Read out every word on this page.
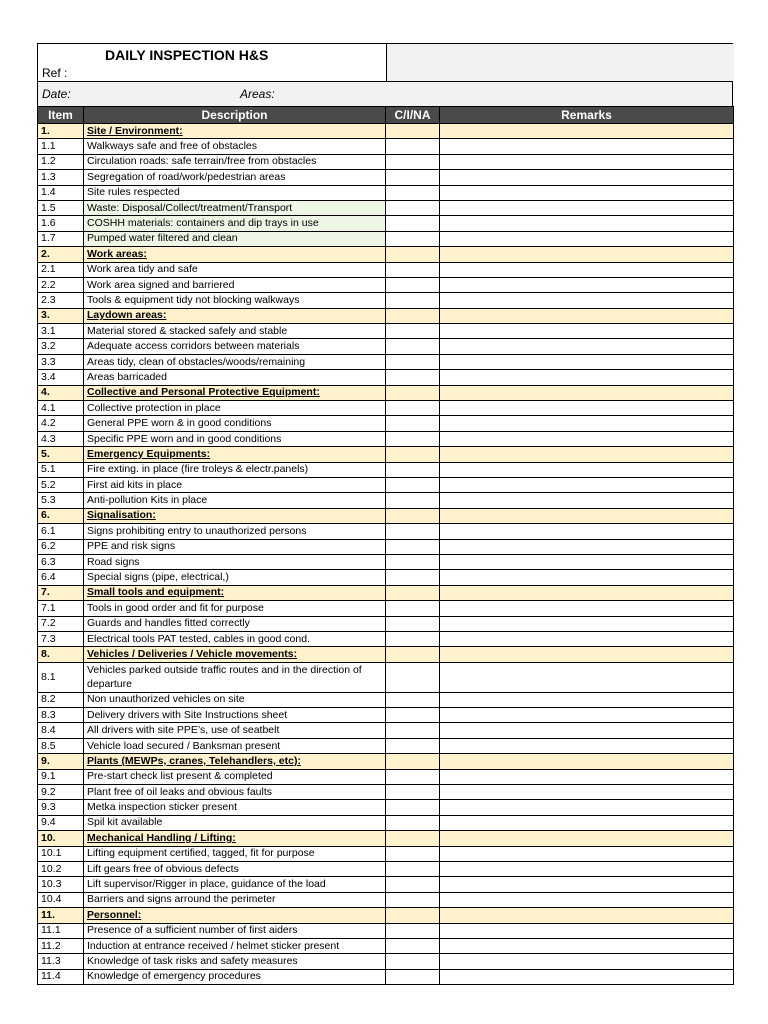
DAILY INSPECTION H&S
Ref :
Date:	Areas:
Item	Description	C/I/NA	Remarks
1.	Site / Environment:		
1.1	Walkways safe and free of obstacles		
1.2	Circulation roads: safe terrain/free from obstacles		
1.3	Segregation of road/work/pedestrian areas		
1.4	Site rules respected		
1.5	Waste: Disposal/Collect/treatment/Transport		
1.6	COSHH materials: containers and dip trays in use		
1.7	Pumped water filtered and clean		
2.	Work areas:		
2.1	Work area tidy and safe		
2.2	Work area signed and barriered		
2.3	Tools & equipment tidy not blocking walkways		
3.	Laydown areas:		
3.1	Material stored & stacked safely and stable		
3.2	Adequate access corridors between materials		
3.3	Areas tidy, clean of obstacles/woods/remaining		
3.4	Areas barricaded		
4.	Collective and Personal Protective Equipment:		
4.1	Collective protection in place		
4.2	General PPE worn & in good conditions		
4.3	Specific PPE worn and in good conditions		
5.	Emergency Equipments:		
5.1	Fire exting. in place (fire troleys & electr.panels)		
5.2	First aid kits in place		
5.3	Anti-pollution Kits in place		
6.	Signalisation:		
6.1	Signs prohibiting entry to unauthorized persons		
6.2	PPE and risk signs		
6.3	Road signs		
6.4	Special signs (pipe, electrical,)		
7.	Small tools and equipment:		
7.1	Tools in good order and fit for purpose		
7.2	Guards and handles fitted correctly		
7.3	Electrical tools PAT tested, cables in good cond.		
8.	Vehicles / Deliveries / Vehicle movements:		
8.1	Vehicles parked outside traffic routes and in the direction of departure		
8.2	Non unauthorized vehicles on site		
8.3	Delivery drivers with Site Instructions sheet		
8.4	All drivers with site PPE’s, use of seatbelt		
8.5	Vehicle load secured / Banksman present		
9.	Plants (MEWPs, cranes, Telehandlers, etc):		
9.1	Pre-start check list present & completed		
9.2	Plant free of oil leaks and obvious faults		
9.3	Metka inspection sticker present		
9.4	Spil kit available		
10.	Mechanical Handling / Lifting:		
10.1	Lifting equipment certified, tagged, fit for purpose		
10.2	Lift gears free of obvious defects		
10.3	Lift supervisor/Rigger in place, guidance of the load		
10.4	Barriers and signs arround the perimeter		
11.	Personnel:		
11.1	Presence of a sufficient number of first aiders		
11.2	Induction at entrance received / helmet sticker present		
11.3	Knowledge of task risks and safety measures		
11.4	Knowledge of emergency procedures		
